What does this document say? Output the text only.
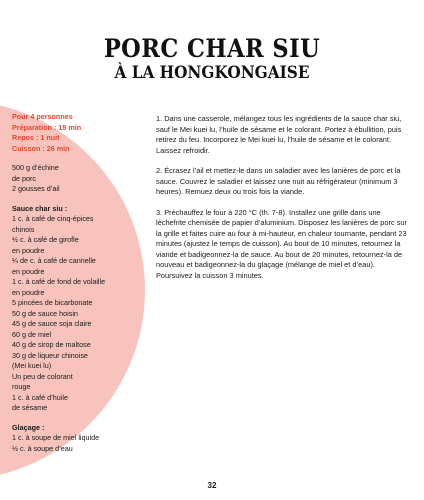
PORC CHAR SIU
À LA HONGKONGAISE
Pour 4 personnes
Préparation : 15 min
Repos : 1 nuit
Cuisson : 26 min
500 g d’échine
de porc
2 gousses d’ail
Sauce char siu :
1 c. à café de cinq-épices
chinois
½ c. à café de girofle
en poudre
¼ de c. à café de cannelle
en poudre
1 c. à café de fond de volaille
en poudre
5 pincées de bicarbonate
50 g de sauce hoisin
45 g de sauce soja claire
60 g de miel
40 g de sirop de maltose
30 g de liqueur chinoise
(Mei kuei lu)
Un peu de colorant
rouge
1 c. à café d’huile
de sésame
Glaçage :
1 c. à soupe de miel liquide
½ c. à soupe d’eau

1. Dans une casserole, mélangez tous les ingrédients de la sauce char siu, sauf le Mei kuei lu, l’huile de sésame et le colorant. Portez à ébullition, puis retirez du feu. Incorporez le Mei kuei lu, l’huile de sésame et le colorant. Laissez refroidir.

2. Écrasez l’ail et mettez-le dans un saladier avec les lanières de porc et la sauce. Couvrez le saladier et laissez une nuit au réfrigérateur (minimum 3 heures). Remuez deux ou trois fois la viande.

3. Préchauffez le four à 220 °C (th. 7-8). Installez une grille dans une lèchefrite chemisée de papier d’aluminium. Disposez les lanières de porc sur la grille et faites cuire au four à mi-hauteur, en chaleur tournante, pendant 23 minutes (ajustez le temps de cuisson). Au bout de 10 minutes, retournez la viande et badigeonnez-la de sauce. Au bout de 20 minutes, retournez-la de nouveau et badigeonnez-la du glaçage (mélange de miel et d’eau). Poursuivez la cuisson 3 minutes.

32
